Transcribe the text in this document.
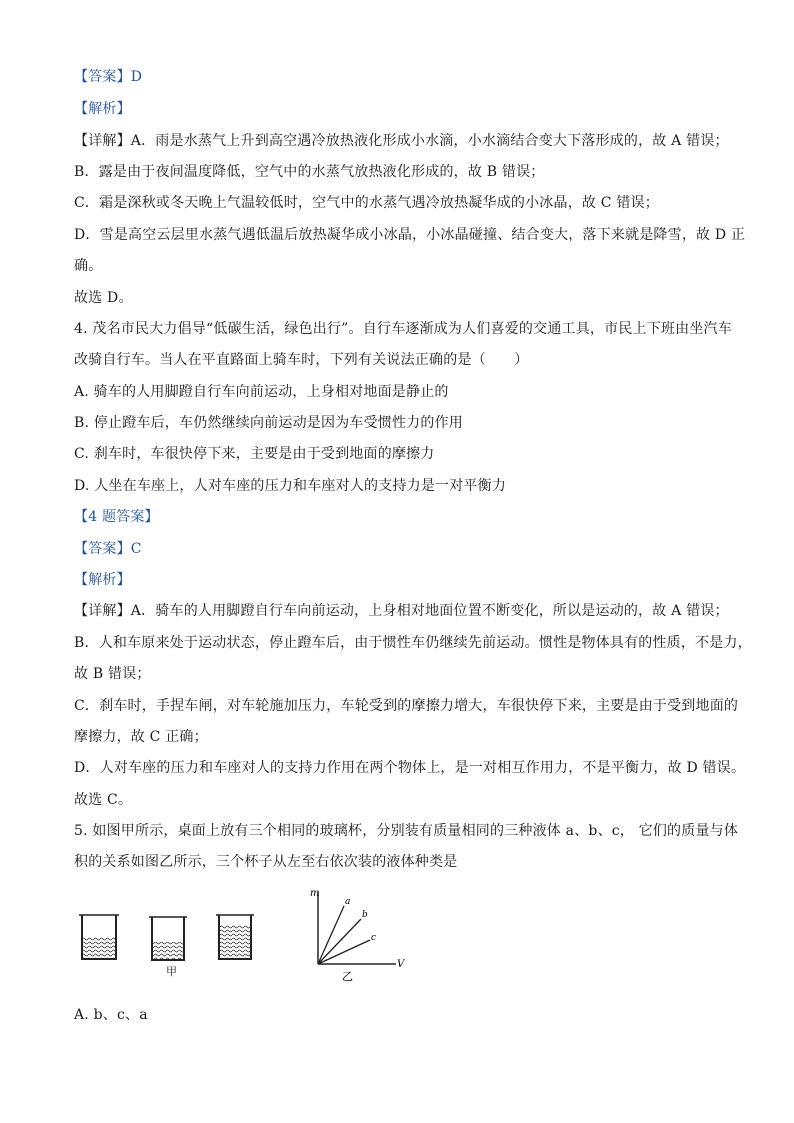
【答案】D
【解析】
【详解】A．雨是水蒸气上升到高空遇冷放热液化形成小水滴，小水滴结合变大下落形成的，故 A 错误；
B．露是由于夜间温度降低，空气中的水蒸气放热液化形成的，故 B 错误；
C．霜是深秋或冬天晚上气温较低时，空气中的水蒸气遇冷放热凝华成的小冰晶，故 C 错误；
D．雪是高空云层里水蒸气遇低温后放热凝华成小冰晶，小冰晶碰撞、结合变大，落下来就是降雪，故 D 正
确。
故选 D。
4. 茂名市民大力倡导“低碳生活，绿色出行”。自行车逐渐成为人们喜爱的交通工具，市民上下班由坐汽车
改骑自行车。当人在平直路面上骑车时，下列有关说法正确的是（　　）
A. 骑车的人用脚蹬自行车向前运动，上身相对地面是静止的
B. 停止蹬车后，车仍然继续向前运动是因为车受惯性力的作用
C. 刹车时，车很快停下来，主要是由于受到地面的摩擦力
D. 人坐在车座上，人对车座的压力和车座对人的支持力是一对平衡力
【4 题答案】
【答案】C
【解析】
【详解】A．骑车的人用脚蹬自行车向前运动，上身相对地面位置不断变化，所以是运动的，故 A 错误；
B．人和车原来处于运动状态，停止蹬车后，由于惯性车仍继续先前运动。惯性是物体具有的性质，不是力，
故 B 错误；
C．刹车时，手捏车闸，对车轮施加压力，车轮受到的摩擦力增大，车很快停下来，主要是由于受到地面的
摩擦力，故 C 正确；
D．人对车座的压力和车座对人的支持力作用在两个物体上，是一对相互作用力，不是平衡力，故 D 错误。
故选 C。
5. 如图甲所示，桌面上放有三个相同的玻璃杯，分别装有质量相同的三种液体 a、b、c， 它们的质量与体
积的关系如图乙所示，三个杯子从左至右依次装的液体种类是
甲
m
V
a
b
c
乙
A. b、c、a
